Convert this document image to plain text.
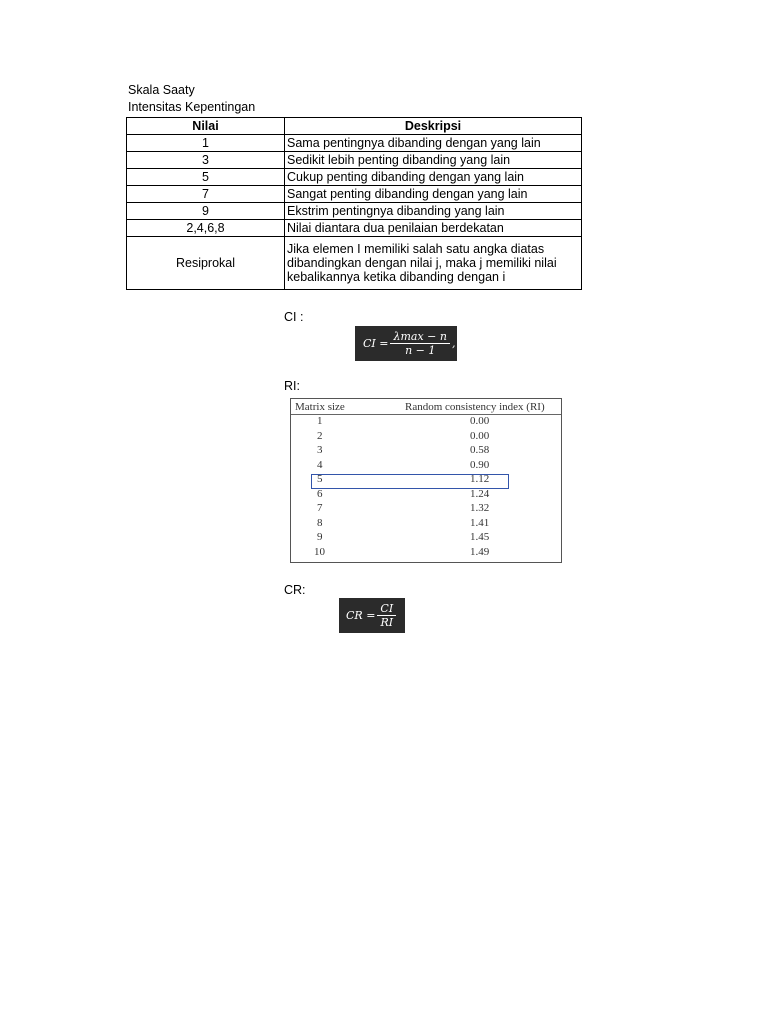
Skala Saaty
Intensitas Kepentingan
Nilai	Deskripsi
1	Sama pentingnya dibanding dengan yang lain
3	Sedikit lebih penting dibanding yang lain
5	Cukup penting dibanding dengan yang lain
7	Sangat penting dibanding dengan yang lain
9	Ekstrim pentingnya dibanding yang lain
2,4,6,8	Nilai diantara dua penilaian berdekatan
Resiprokal	Jika elemen I memiliki salah satu angka diatas dibandingkan dengan nilai j, maka j memiliki nilai kebalikannya ketika dibanding dengan i
CI :
CI = $\frac{\lambda\max - n}{n - 1}$ ,
RI:
Matrix size	Random consistency index (RI)
1	0.00
2	0.00
3	0.58
4	0.90
5	1.12
6	1.24
7	1.32
8	1.41
9	1.45
10	1.49
CR:
CR = $\frac{CI}{RI}$
